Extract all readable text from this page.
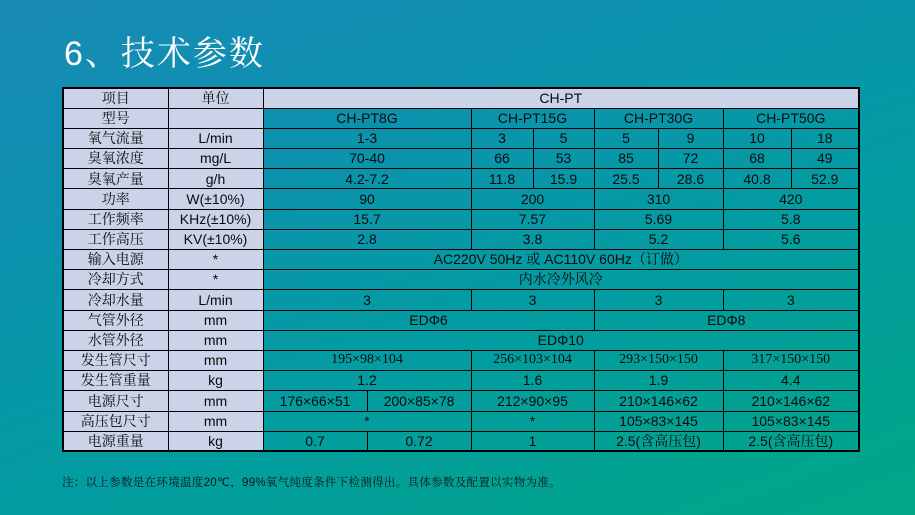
6、技术参数
项目	单位	CH-PT							
型号		CH-PT8G		CH-PT15G		CH-PT30G		CH-PT50G	
氧气流量	L/min	1-3		3	5	5	9	10	18
臭氧浓度	mg/L	70-40		66	53	85	72	68	49
臭氧产量	g/h	4.2-7.2		11.8	15.9	25.5	28.6	40.8	52.9
功率	W(±10%)	90		200		310		420	
工作频率	KHz(±10%)	15.7		7.57		5.69		5.8	
工作高压	KV(±10%)	2.8		3.8		5.2		5.6	
输入电源	*	AC220V 50Hz 或 AC110V 60Hz（订做）							
冷却方式	*	内水冷外风冷							
冷却水量	L/min	3		3		3		3	
气管外径	mm	EDΦ6				EDΦ8			
水管外径	mm	EDΦ10							
发生管尺寸	mm	195×98×104		256×103×104		293×150×150		317×150×150	
发生管重量	kg	1.2		1.6		1.9		4.4	
电源尺寸	mm	176×66×51	200×85×78	212×90×95		210×146×62		210×146×62	
高压包尺寸	mm	*		*		105×83×145		105×83×145	
电源重量	kg	0.7	0.72	1		2.5(含高压包)		2.5(含高压包)	
注：以上参数是在环境温度20℃，99%氧气纯度条件下检测得出。具体参数及配置以实物为准。
